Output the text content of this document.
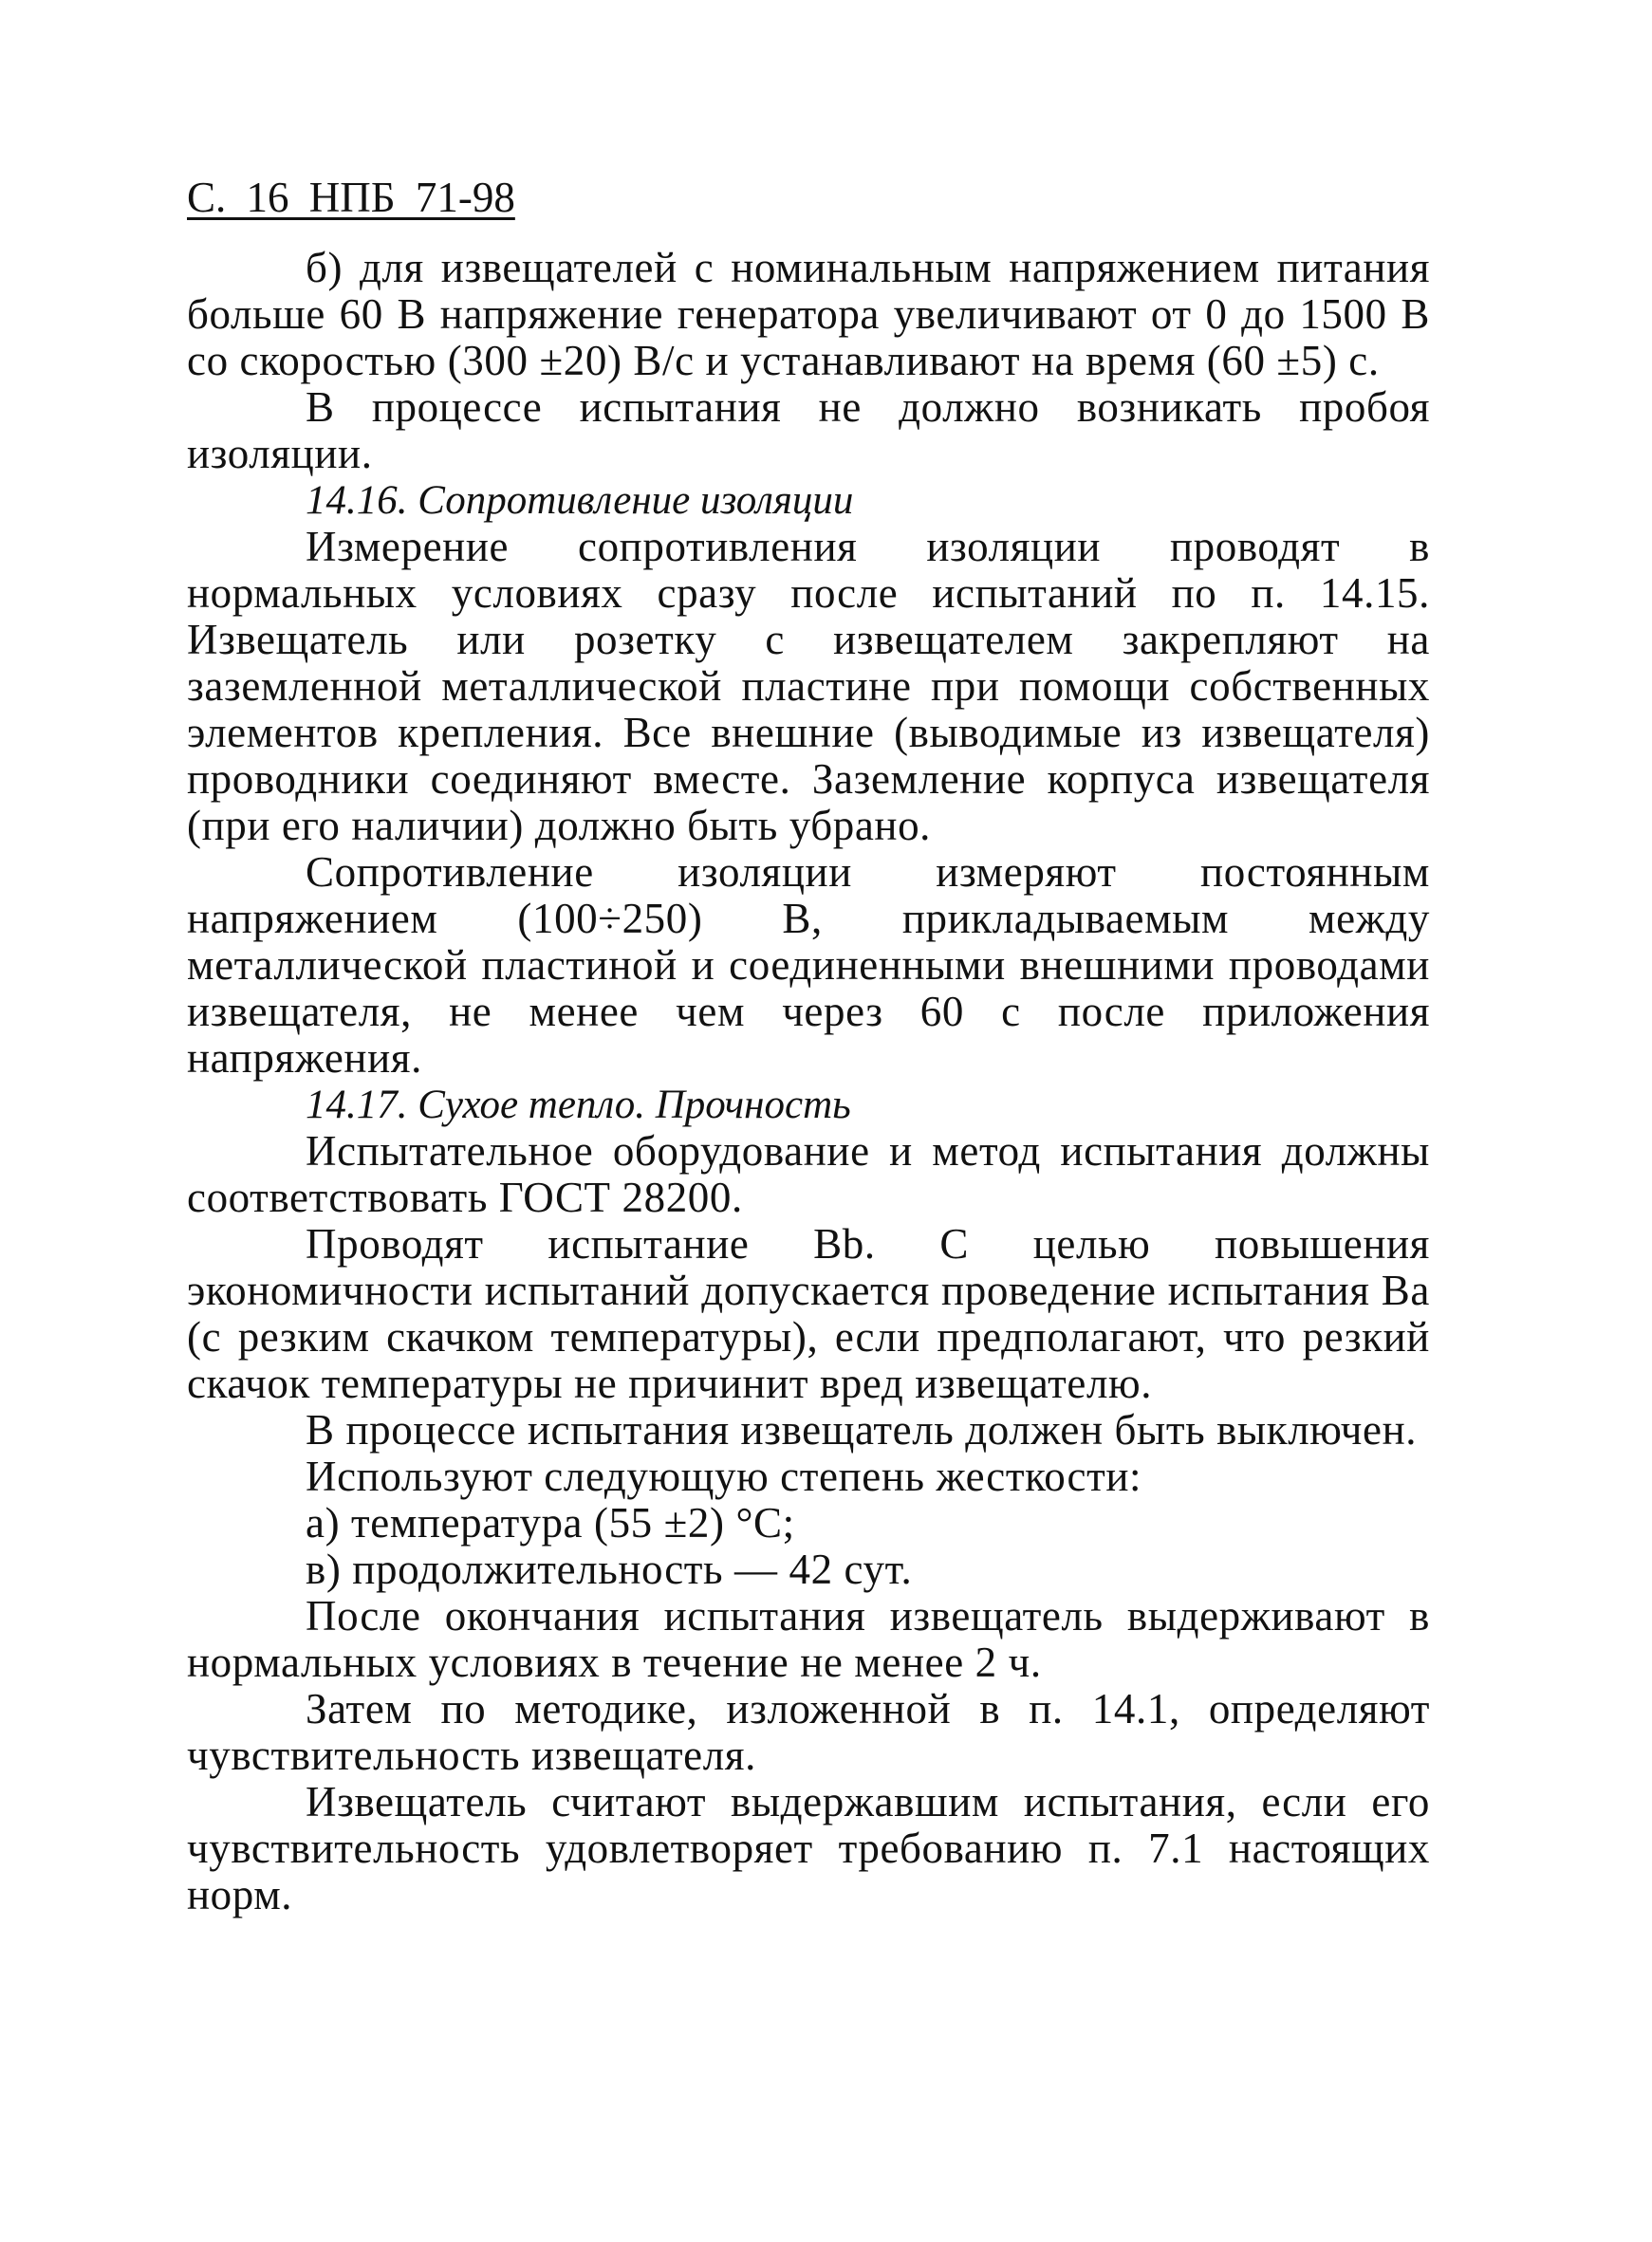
С. 16 НПБ 71-98

б) для извещателей с номинальным напряжением питания больше 60 В напряжение генератора увеличивают от 0 до 1500 В со скоростью (300 ±20) В/с и устанавливают на время (60 ±5) с.

В процессе испытания не должно возникать пробоя изоляции.

14.16. Сопротивление изоляции

Измерение сопротивления изоляции проводят в нормальных условиях сразу после испытаний по п. 14.15. Извещатель или розетку с извещателем закрепляют на заземленной металлической пластине при помощи собственных элементов крепления. Все внешние (выводимые из извещателя) проводники соединяют вместе. Заземление корпуса извещателя (при его наличии) должно быть убрано.

Сопротивление изоляции измеряют постоянным напряжением (100÷250) В, прикладываемым между металлической пластиной и соединенными внешними проводами извещателя, не менее чем через 60 с после приложения напряжения.

14.17. Сухое тепло. Прочность

Испытательное оборудование и метод испытания должны соответствовать ГОСТ 28200.

Проводят испытание Bb. С целью повышения экономичности испытаний допускается проведение испытания Ba (с резким скачком температуры), если предполагают, что резкий скачок температуры не причинит вред извещателю.

В процессе испытания извещатель должен быть выключен.

Используют следующую степень жесткости:

а) температура (55 ±2) °С;

в) продолжительность — 42 сут.

После окончания испытания извещатель выдерживают в нормальных условиях в течение не менее 2 ч.

Затем по методике, изложенной в п. 14.1, определяют чувствительность извещателя.

Извещатель считают выдержавшим испытания, если его чувствительность удовлетворяет требованию п. 7.1 настоящих норм.
